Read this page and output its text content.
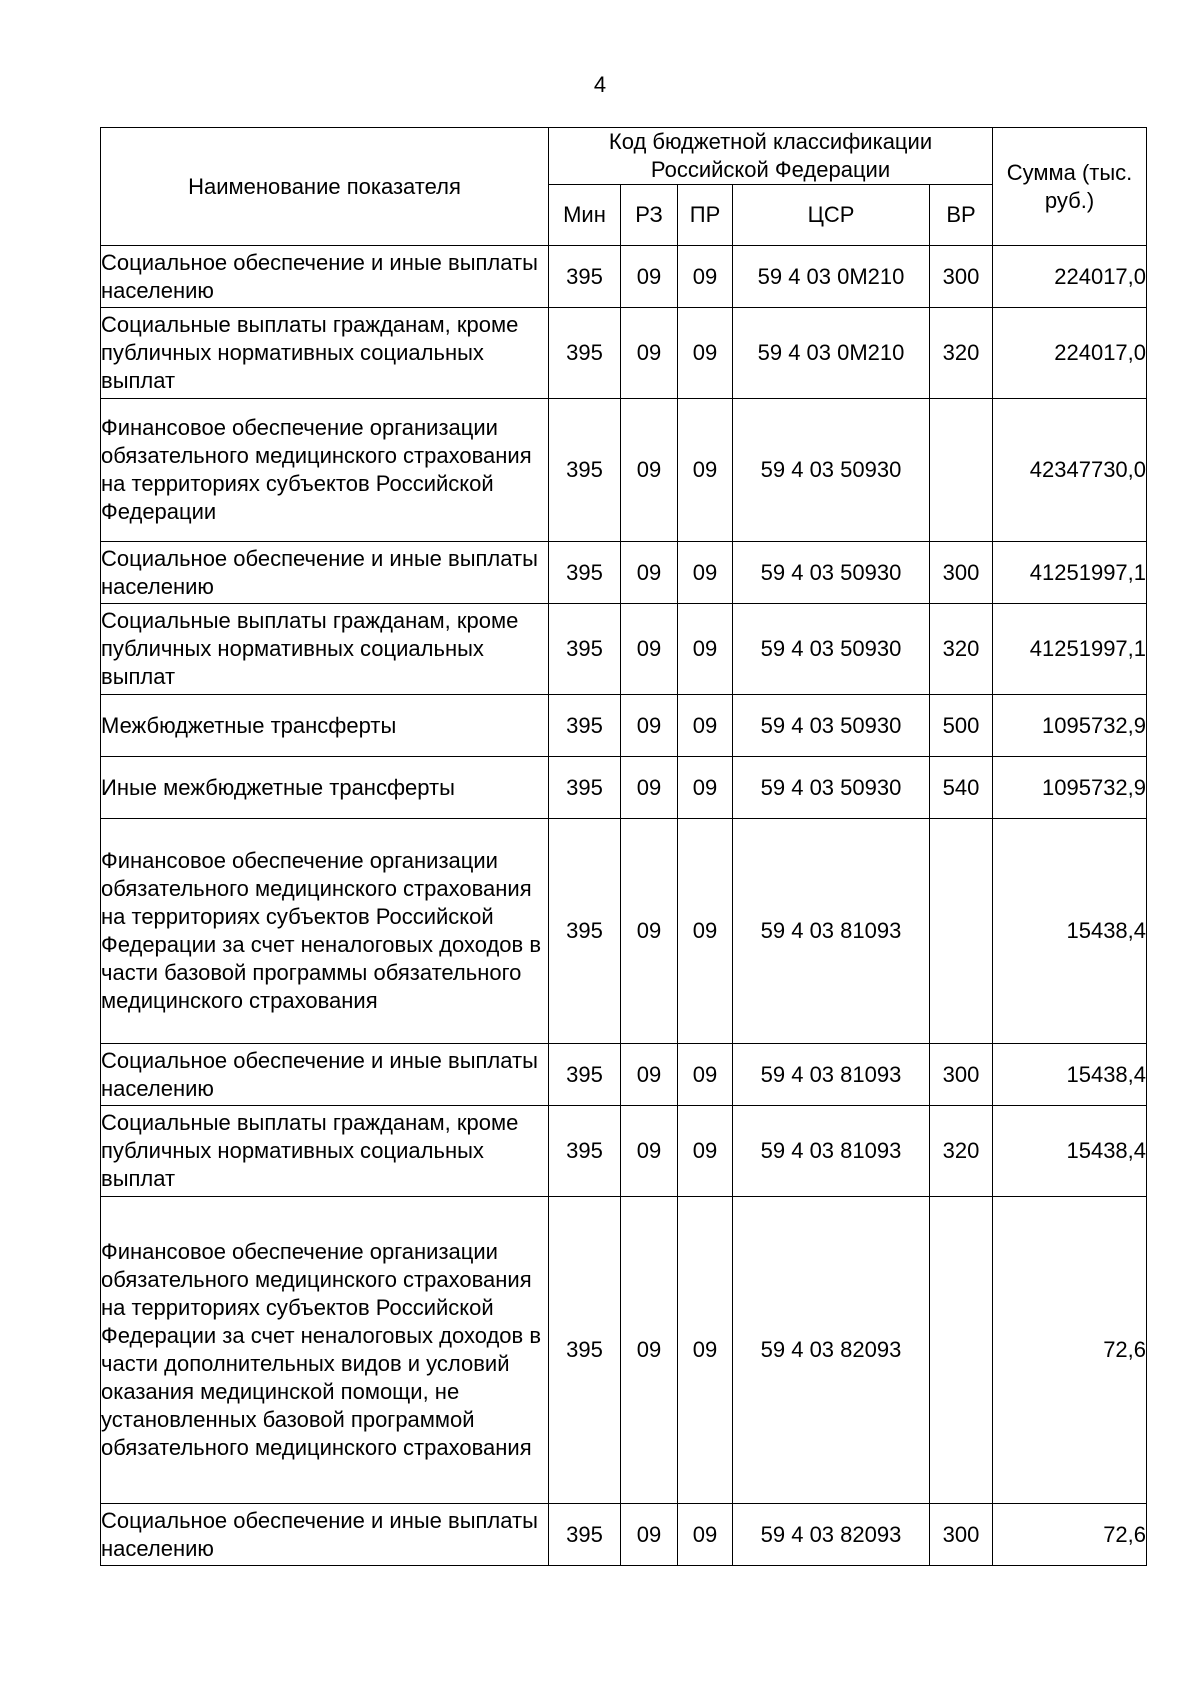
4
Наименование показателя	Код бюджетной классификации Российской Федерации					Сумма (тыс. руб.)
	Мин	РЗ	ПР	ЦСР	ВР	
Социальное обеспечение и иные выплаты населению	395	09	09	59 4 03 0М210	300	224017,0
Социальные выплаты гражданам, кроме публичных нормативных социальных выплат	395	09	09	59 4 03 0М210	320	224017,0
Финансовое обеспечение организации обязательного медицинского страхования на территориях субъектов Российской Федерации	395	09	09	59 4 03 50930		42347730,0
Социальное обеспечение и иные выплаты населению	395	09	09	59 4 03 50930	300	41251997,1
Социальные выплаты гражданам, кроме публичных нормативных социальных выплат	395	09	09	59 4 03 50930	320	41251997,1
Межбюджетные трансферты	395	09	09	59 4 03 50930	500	1095732,9
Иные межбюджетные трансферты	395	09	09	59 4 03 50930	540	1095732,9
Финансовое обеспечение организации обязательного медицинского страхования на территориях субъектов Российской Федерации за счет неналоговых доходов в части базовой программы обязательного медицинского страхования	395	09	09	59 4 03 81093		15438,4
Социальное обеспечение и иные выплаты населению	395	09	09	59 4 03 81093	300	15438,4
Социальные выплаты гражданам, кроме публичных нормативных социальных выплат	395	09	09	59 4 03 81093	320	15438,4
Финансовое обеспечение организации обязательного медицинского страхования на территориях субъектов Российской Федерации за счет неналоговых доходов в части дополнительных видов и условий оказания медицинской помощи, не установленных базовой программой обязательного медицинского страхования	395	09	09	59 4 03 82093		72,6
Социальное обеспечение и иные выплаты населению	395	09	09	59 4 03 82093	300	72,6
